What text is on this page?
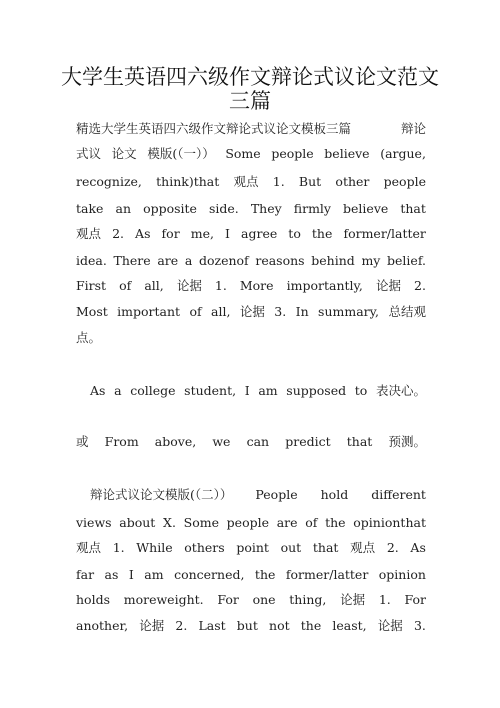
大学生英语四六级作文辩论式议论文范文
三篇
精选大学生英语四六级作文辩论式议论文模板三篇	辩论
式议 论文 模版(（一）） Some people believe (argue,
recognize, think)that 观点 1. But other people
take an opposite side. They firmly believe that
观点 2. As for me, I agree to the former/latter
idea. There are a dozenof reasons behind my belief.
First of all, 论据 1. More importantly, 论据 2.
Most important of all, 论据 3. In summary, 总结观
点。
As a college student, I am supposed to 表决心。
或 From above, we can predict that 预测。
辩论式议论文模版(（二）） People hold different
views about X. Some people are of the opinionthat
观点 1. While others point out that 观点 2. As
far as I am concerned, the former/latter opinion
holds moreweight. For one thing, 论据 1. For
another, 论据 2. Last but not the least, 论据 3.
